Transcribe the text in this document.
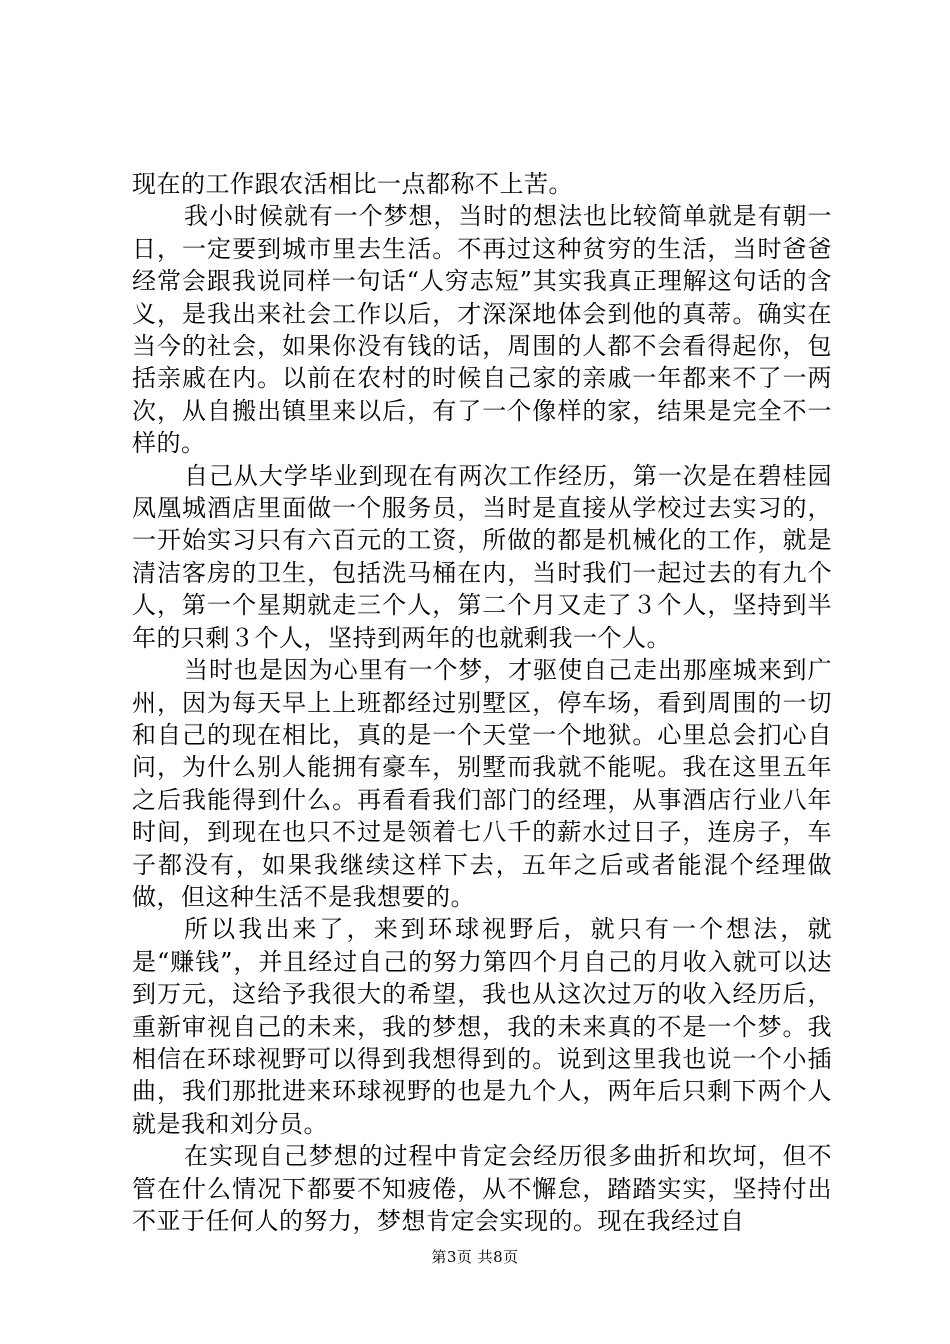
现在的工作跟农活相比一点都称不上苦。

我小时候就有一个梦想，当时的想法也比较简单就是有朝一日，一定要到城市里去生活。不再过这种贫穷的生活，当时爸爸经常会跟我说同样一句话“人穷志短”其实我真正理解这句话的含义，是我出来社会工作以后，才深深地体会到他的真蒂。确实在当今的社会，如果你没有钱的话，周围的人都不会看得起你，包括亲戚在内。以前在农村的时候自己家的亲戚一年都来不了一两次，从自搬出镇里来以后，有了一个像样的家，结果是完全不一样的。

自己从大学毕业到现在有两次工作经历，第一次是在碧桂园凤凰城酒店里面做一个服务员，当时是直接从学校过去实习的，一开始实习只有六百元的工资，所做的都是机械化的工作，就是清洁客房的卫生，包括洗马桶在内，当时我们一起过去的有九个人，第一个星期就走三个人，第二个月又走了３个人，坚持到半年的只剩３个人，坚持到两年的也就剩我一个人。

当时也是因为心里有一个梦，才驱使自己走出那座城来到广州，因为每天早上上班都经过别墅区，停车场，看到周围的一切和自己的现在相比，真的是一个天堂一个地狱。心里总会扪心自问，为什么别人能拥有豪车，别墅而我就不能呢。我在这里五年之后我能得到什么。再看看我们部门的经理，从事酒店行业八年时间，到现在也只不过是领着七八千的薪水过日子，连房子，车子都没有，如果我继续这样下去，五年之后或者能混个经理做做，但这种生活不是我想要的。

所以我出来了，来到环球视野后，就只有一个想法，就是“赚钱”，并且经过自己的努力第四个月自己的月收入就可以达到万元，这给予我很大的希望，我也从这次过万的收入经历后，重新审视自己的未来，我的梦想，我的未来真的不是一个梦。我相信在环球视野可以得到我想得到的。说到这里我也说一个小插曲，我们那批进来环球视野的也是九个人，两年后只剩下两个人就是我和刘分员。

在实现自己梦想的过程中肯定会经历很多曲折和坎坷，但不管在什么情况下都要不知疲倦，从不懈怠，踏踏实实，坚持付出不亚于任何人的努力，梦想肯定会实现的。现在我经过自

第3页 共8页
